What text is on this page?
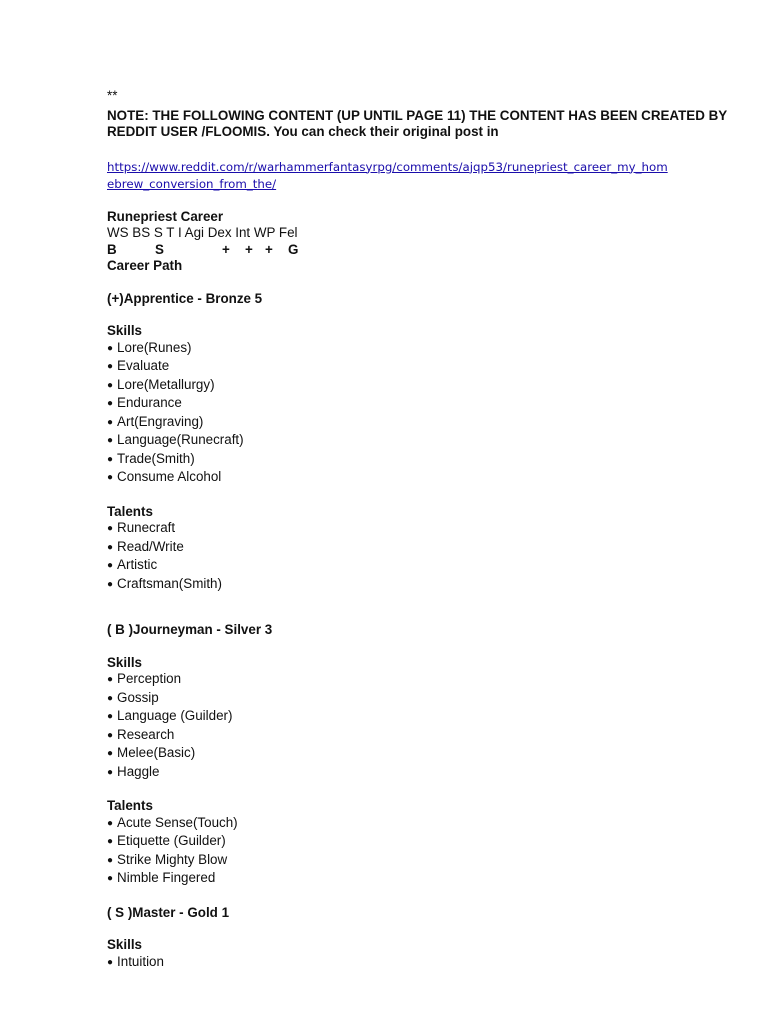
**
NOTE: THE FOLLOWING CONTENT (UP UNTIL PAGE 11) THE CONTENT HAS BEEN CREATED BY REDDIT USER /FLOOMIS. You can check their original post in
https://www.reddit.com/r/warhammerfantasyrpg/comments/ajqp53/runepriest_career_my_hom
ebrew_conversion_from_the/
Runepriest Career
WS BS S T I Agi Dex Int WP Fel
B	S	+ + + G
Career Path
(+)Apprentice - Bronze 5
Skills
● Lore(Runes)
● Evaluate
● Lore(Metallurgy)
● Endurance
● Art(Engraving)
● Language(Runecraft)
● Trade(Smith)
● Consume Alcohol
Talents
● Runecraft
● Read/Write
● Artistic
● Craftsman(Smith)
( B )Journeyman - Silver 3
Skills
● Perception
● Gossip
● Language (Guilder)
● Research
● Melee(Basic)
● Haggle
Talents
● Acute Sense(Touch)
● Etiquette (Guilder)
● Strike Mighty Blow
● Nimble Fingered
( S )Master - Gold 1
Skills
● Intuition
